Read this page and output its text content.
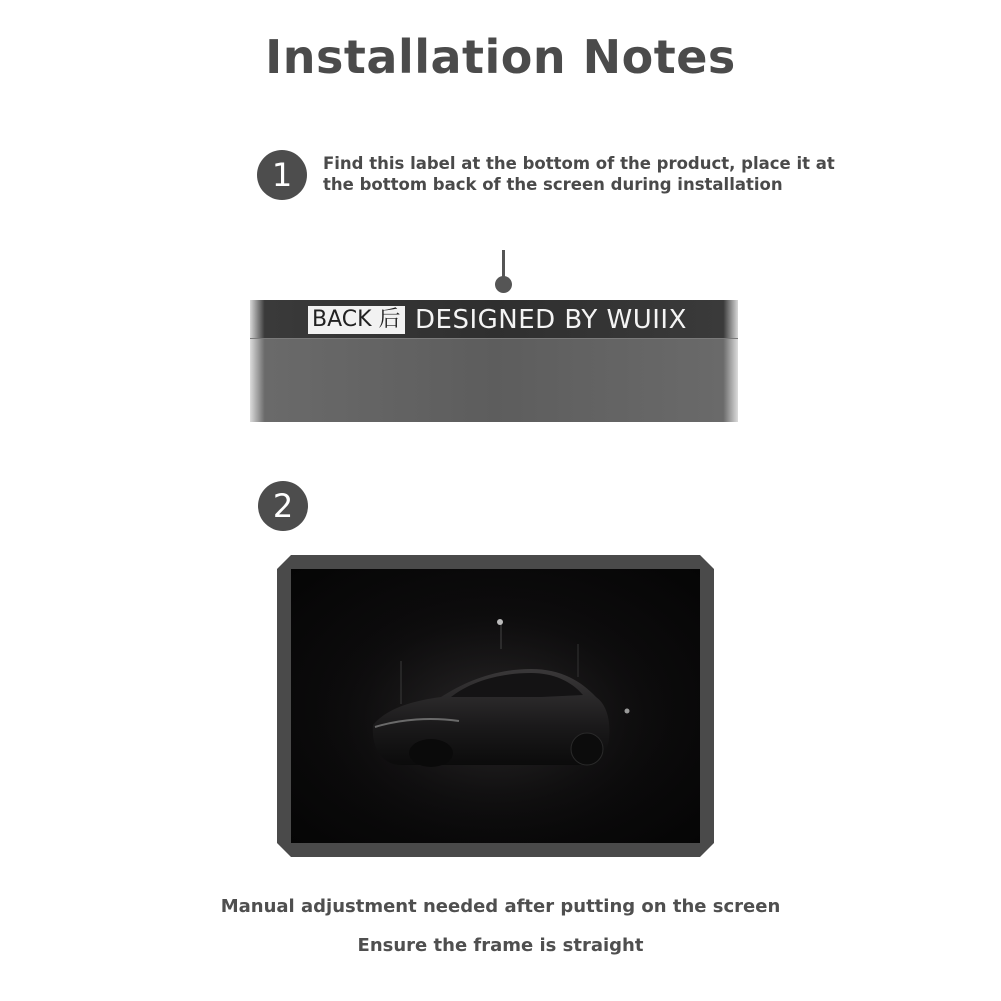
Installation Notes
1	Find this label at the bottom of the product, place it at the bottom back of the screen during installation
BACK 后 DESIGNED BY WUIIX
2
Manual adjustment needed after putting on the screen
Ensure the frame is straight
